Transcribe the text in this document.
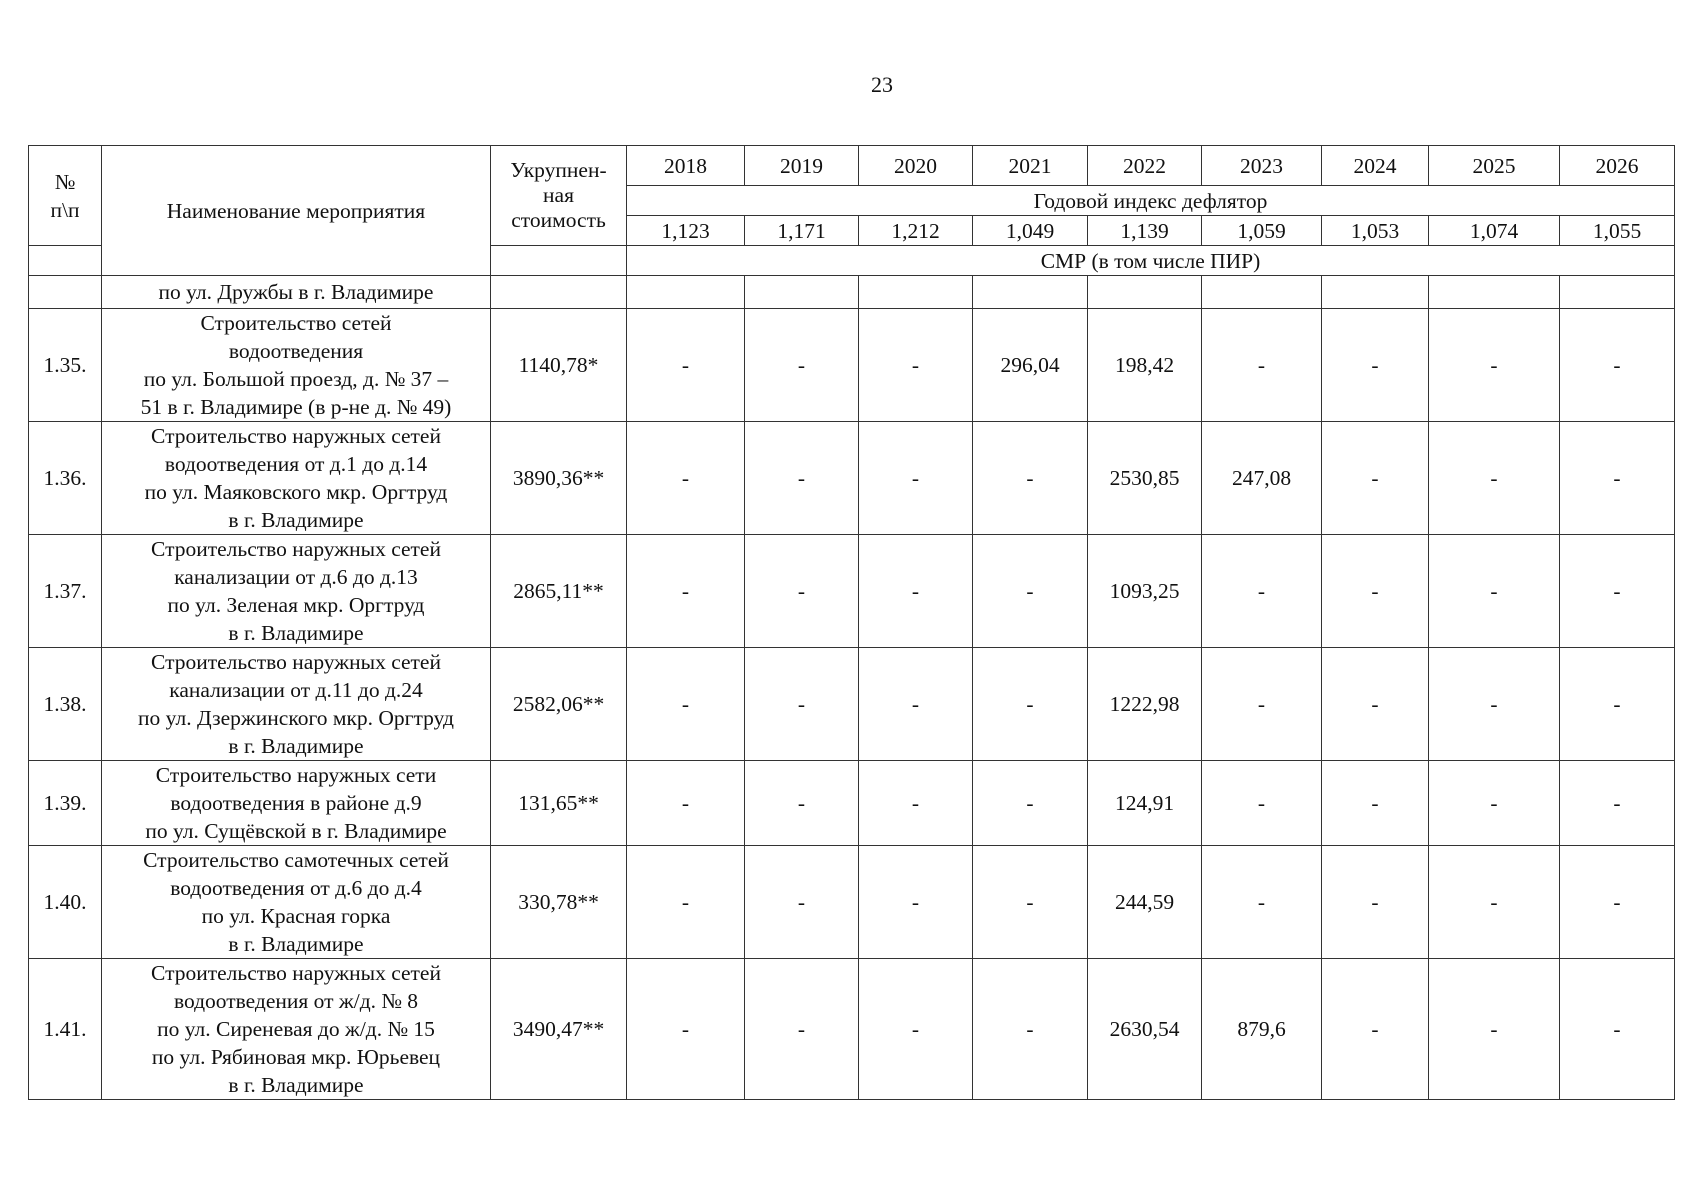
23
№
п\п	Наименование мероприятия	Укрупнен-
ная
стоимость	2018	2019	2020	2021	2022	2023	2024	2025	2026
			Годовой индекс дефлятор								
			1,123	1,171	1,212	1,049	1,139	1,059	1,053	1,074	1,055
			СМР (в том числе ПИР)								
	по ул. Дружбы в г. Владимире										
1.35.	Строительство сетей
водоотведения
по ул. Большой проезд, д. № 37 –
51 в г. Владимире (в р-не д. № 49)	1140,78*	-	-	-	296,04	198,42	-	-	-	-
1.36.	Строительство наружных сетей
водоотведения от д.1 до д.14
по ул. Маяковского мкр. Оргтруд
в г. Владимире	3890,36**	-	-	-	-	2530,85	247,08	-	-	-
1.37.	Строительство наружных сетей
канализации от д.6 до д.13
по ул. Зеленая мкр. Оргтруд
в г. Владимире	2865,11**	-	-	-	-	1093,25	-	-	-	-
1.38.	Строительство наружных сетей
канализации от д.11 до д.24
по ул. Дзержинского мкр. Оргтруд
в г. Владимире	2582,06**	-	-	-	-	1222,98	-	-	-	-
1.39.	Строительство наружных сети
водоотведения в районе д.9
по ул. Сущёвской в г. Владимире	131,65**	-	-	-	-	124,91	-	-	-	-
1.40.	Строительство самотечных сетей
водоотведения от д.6 до д.4
по ул. Красная горка
в г. Владимире	330,78**	-	-	-	-	244,59	-	-	-	-
1.41.	Строительство наружных сетей
водоотведения от ж/д. № 8
по ул. Сиреневая до ж/д. № 15
по ул. Рябиновая мкр. Юрьевец
в г. Владимире	3490,47**	-	-	-	-	2630,54	879,6	-	-	-
